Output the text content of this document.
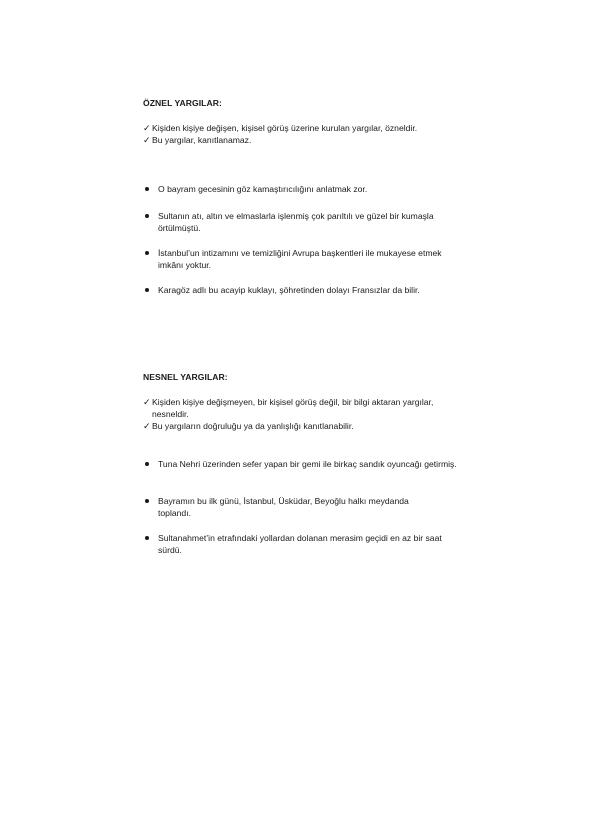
ÖZNEL YARGILAR:

✓ Kişiden kişiye değişen, kişisel görüş üzerine kurulan yargılar, özneldir.

✓ Bu yargılar, kanıtlanamaz.

O bayram gecesinin göz kamaştırıcılığını anlatmak zor.
Sultanın atı, altın ve elmaslarla işlenmiş çok parıltılı ve güzel bir kumaşla örtülmüştü.
İstanbul’un intizamını ve temizliğini Avrupa başkentleri ile mukayese etmek imkânı yoktur.
Karagöz adlı bu acayip kuklayı, şöhretinden dolayı Fransızlar da bilir.
NESNEL YARGILAR:

✓ Kişiden kişiye değişmeyen, bir kişisel görüş değil, bir bilgi aktaran yargılar, nesneldir.

✓ Bu yargıların doğruluğu ya da yanlışlığı kanıtlanabilir.

Tuna Nehri üzerinden sefer yapan bir gemi ile birkaç sandık oyuncağı getirmiş.
Bayramın bu ilk günü, İstanbul, Üsküdar, Beyoğlu halkı meydanda toplandı.
Sultanahmet’in etrafındaki yollardan dolanan merasim geçidi en az bir saat sürdü.
